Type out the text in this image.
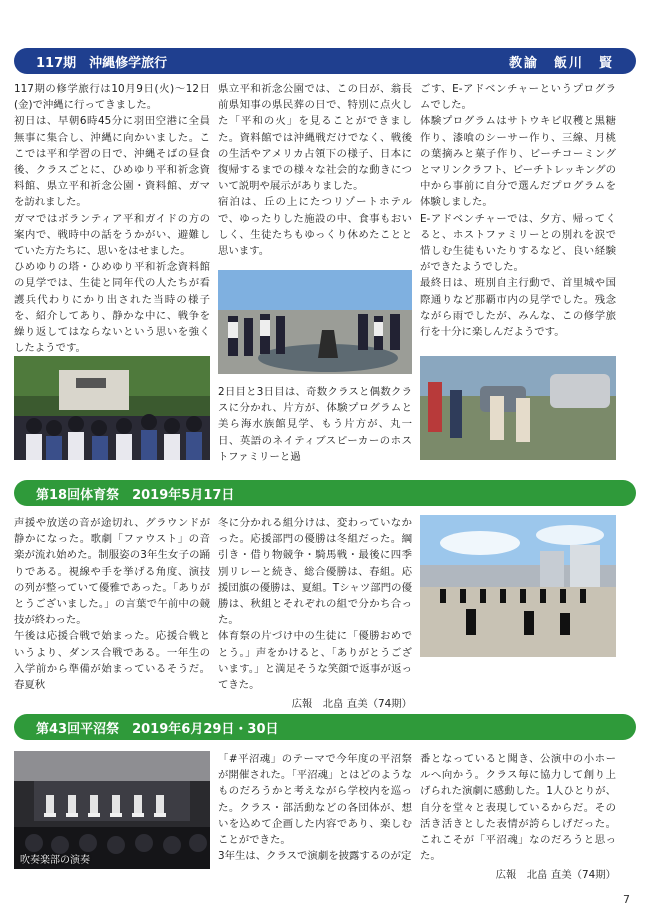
117期　沖縄修学旅行	教諭　飯川　賢

117期の修学旅行は10月9日(火)～12日(金)で沖縄に行ってきました。

初日は、早朝6時45分に羽田空港に全員無事に集合し、沖縄に向かいました。ここでは平和学習の日で、沖縄そばの昼食後、クラスごとに、ひめゆり平和祈念資料館、県立平和祈念公園・資料館、ガマを訪れました。

ガマではボランティア平和ガイドの方の案内で、戦時中の話をうかがい、避難していた方たちに、思いをはせました。

ひめゆりの塔・ひめゆり平和祈念資料館の見学では、生徒と同年代の人たちが看護兵代わりにかり出された当時の様子を、紹介してあり、静かな中に、戦争を繰り返してはならないという思いを強くしたようです。

県立平和祈念公園では、この日が、翁長前県知事の県民葬の日で、特別に点火した「平和の火」を見ることができました。資料館では沖縄戦だけでなく、戦後の生活やアメリカ占領下の様子、日本に復帰するまでの様々な社会的な動きについて説明や展示がありました。

宿泊は、丘の上にたつリゾートホテルで、ゆったりした施設の中、食事もおいしく、生徒たちもゆっくり休めたことと思います。

2日目と3日目は、奇数クラスと偶数クラスに分かれ、片方が、体験プログラムと美ら海水族館見学、もう片方が、丸一日、英語のネイティブスピーカーのホストファミリーと過

ごす、E-アドベンチャーというプログラムでした。

体験プログラムはサトウキビ収穫と黒糖作り、漆喰のシーサー作り、三線、月桃の葉摘みと菓子作り、ビーチコーミングとマリンクラフト、ビーチトレッキングの中から事前に自分で選んだプログラムを体験しました。

E-アドベンチャーでは、夕方、帰ってくると、ホストファミリーとの別れを涙で惜しむ生徒もいたりするなど、良い経験ができたようでした。

最終日は、班別自主行動で、首里城や国際通りなど那覇市内の見学でした。残念ながら雨でしたが、みんな、この修学旅行を十分に楽しんだようです。

第18回体育祭　2019年5月17日

声援や放送の音が途切れ、グラウンドが静かになった。歌劇「ファウスト」の音楽が流れ始めた。制服姿の3年生女子の踊りである。視線や手を挙げる角度、演技の列が整っていて優雅であった。「ありがとうございました。」の言葉で午前中の競技が終わった。

午後は応援合戦で始まった。応援合戦というより、ダンス合戦である。一年生の入学前から準備が始まっているそうだ。春夏秋

冬に分かれる組分けは、変わっていなかった。応援部門の優勝は冬組だった。綱引き・借り物競争・騎馬戦・最後に四季別リレーと続き、総合優勝は、春組。応援団旗の優勝は、夏組。Tシャツ部門の優勝は、秋組とそれぞれの組で分かち合った。

体育祭の片づけ中の生徒に「優勝おめでとう。」声をかけると、「ありがとうございます。」と満足そうな笑顔で返事が返ってきた。

広報　北畠 直美（74期）

第43回平沼祭　2019年6月29日・30日
吹奏楽部の演奏

「#平沼魂」のテーマで今年度の平沼祭が開催された。「平沼魂」とはどのようなものだろうかと考えながら学校内を巡った。クラス・部活動などの各団体が、想いを込めて企画した内容であり、楽しむことができた。

3年生は、クラスで演劇を披露するのが定

番となっていると聞き、公演中の小ホールへ向かう。クラス毎に協力して創り上げられた演劇に感動した。1人ひとりが、自分を堂々と表現しているからだ。その活き活きとした表情が誇らしげだった。これこそが「平沼魂」なのだろうと思った。

広報　北畠 直美（74期）

7
